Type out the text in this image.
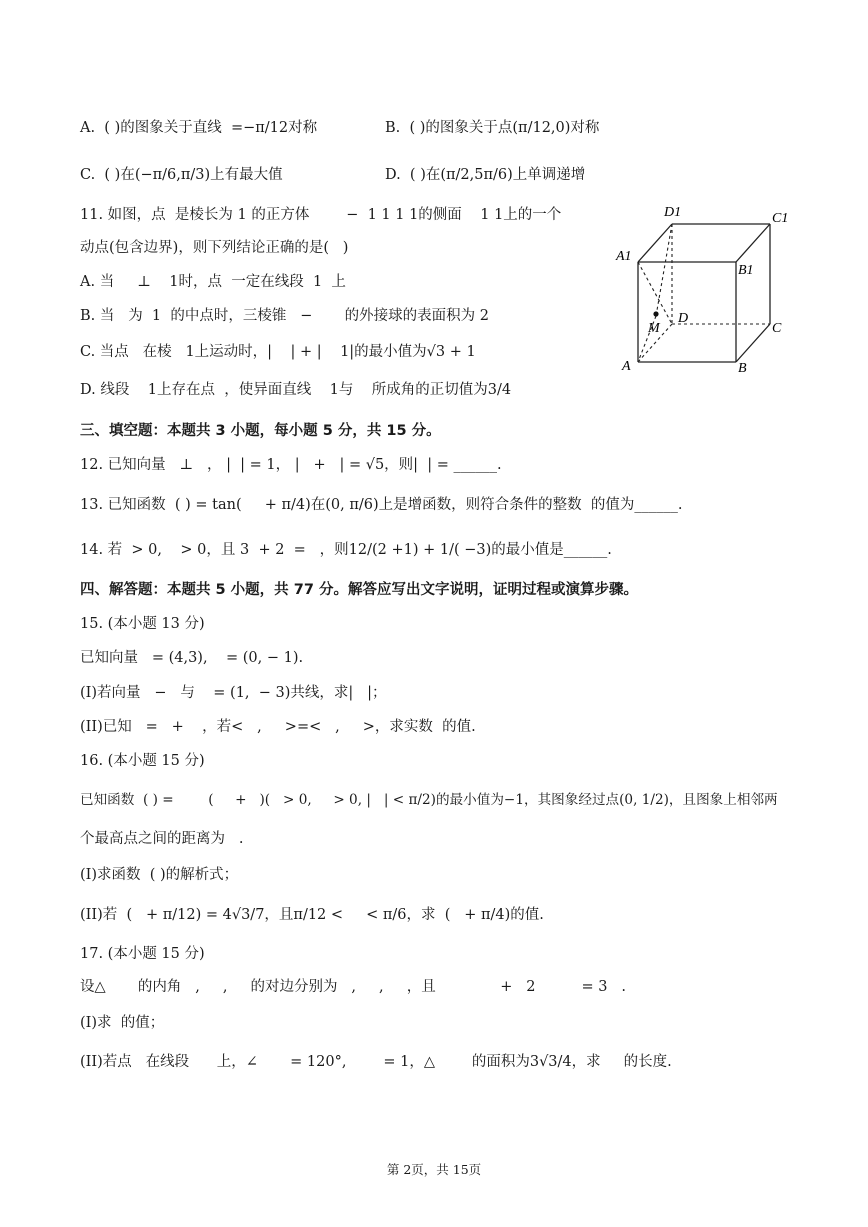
A.  ( )的图象关于直线  =−π/12对称	B.  ( )的图象关于点(π/12,0)对称
C.  ( )在(−π/6,π/3)上有最大值	D.  ( )在(π/2,5π/6)上单调递增
11. 如图，点  是棱长为 1 的正方体        −  1 1 1 1的侧面    1 1上的一个
动点(包含边界)，则下列结论正确的是(   )
A. 当     ⊥    1时，点  一定在线段  1  上
B. 当   为  1  的中点时，三棱锥   −       的外接球的表面积为 2
C. 当点   在棱   1上运动时，|    | + |    1|的最小值为√3 + 1
D. 线段    1上存在点  ，使异面直线    1与    所成角的正切值为3/4
D1	C1
A1
B1
M
D
C
A	B
三、填空题：本题共 3 小题，每小题 5 分，共 15 分。
12. 已知向量   ⊥   ， |  | = 1， |   +   | = √5，则|  | = ______.
13. 已知函数  ( ) = tan(     + π/4)在(0, π/6)上是增函数，则符合条件的整数  的值为______.
14. 若  > 0,    > 0，且 3  + 2  =   ，则12/(2 +1) + 1/( −3)的最小值是______.
四、解答题：本题共 5 小题，共 77 分。解答应写出文字说明，证明过程或演算步骤。
15. (本小题 13 分)
已知向量   = (4,3),    = (0, − 1).
(I)若向量   −   与    = (1,  − 3)共线，求|   |；
(II)已知   =   +    ，若<   ,     >=<   ,     >，求实数  的值.
16. (本小题 15 分)
已知函数  ( ) =        (     +   )(   > 0,     > 0, |   | < π/2)的最小值为−1，其图象经过点(0, 1/2)，且图象上相邻两
个最高点之间的距离为   .
(I)求函数  ( )的解析式；
(II)若  (   + π/12) = 4√3/7，且π/12 <     < π/6，求  (   + π/4)的值.
17. (本小题 15 分)
设△       的内角   ,     ,     的对边分别为   ,     ,     ，且              +   2          = 3   .
(I)求  的值；
(II)若点   在线段      上，∠       = 120°,        = 1，△        的面积为3√3/4，求     的长度.
第 2页，共 15页
